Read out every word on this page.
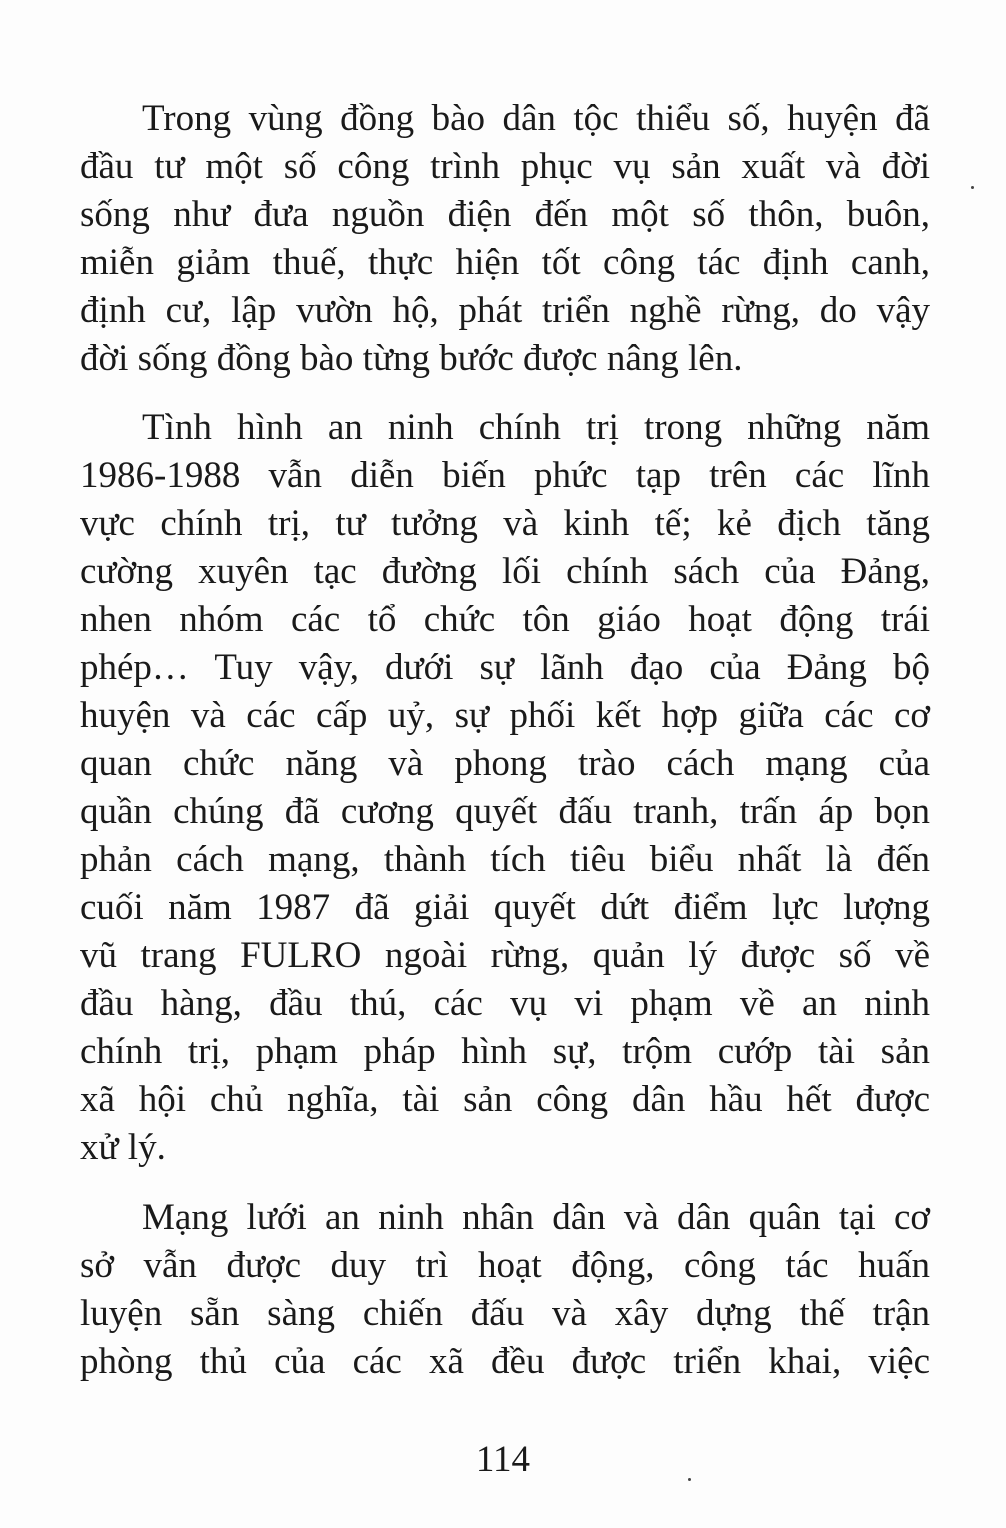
Trong vùng đồng bào dân tộc thiểu số, huyện đã
đầu tư một số công trình phục vụ sản xuất và đời
sống như đưa nguồn điện đến một số thôn, buôn,
miễn giảm thuế, thực hiện tốt công tác định canh,
định cư, lập vườn hộ, phát triển nghề rừng, do vậy
đời sống đồng bào từng bước được nâng lên.
Tình hình an ninh chính trị trong những năm
1986-1988 vẫn diễn biến phức tạp trên các lĩnh
vực chính trị, tư tưởng và kinh tế; kẻ địch tăng
cường xuyên tạc đường lối chính sách của Đảng,
nhen nhóm các tổ chức tôn giáo hoạt động trái
phép… Tuy vậy, dưới sự lãnh đạo của Đảng bộ
huyện và các cấp uỷ, sự phối kết hợp giữa các cơ
quan chức năng và phong trào cách mạng của
quần chúng đã cương quyết đấu tranh, trấn áp bọn
phản cách mạng, thành tích tiêu biểu nhất là đến
cuối năm 1987 đã giải quyết dứt điểm lực lượng
vũ trang FULRO ngoài rừng, quản lý được số về
đầu hàng, đầu thú, các vụ vi phạm về an ninh
chính trị, phạm pháp hình sự, trộm cướp tài sản
xã hội chủ nghĩa, tài sản công dân hầu hết được
xử lý.
Mạng lưới an ninh nhân dân và dân quân tại cơ
sở vẫn được duy trì hoạt động, công tác huấn
luyện sẵn sàng chiến đấu và xây dựng thế trận
phòng thủ của các xã đều được triển khai, việc
114
